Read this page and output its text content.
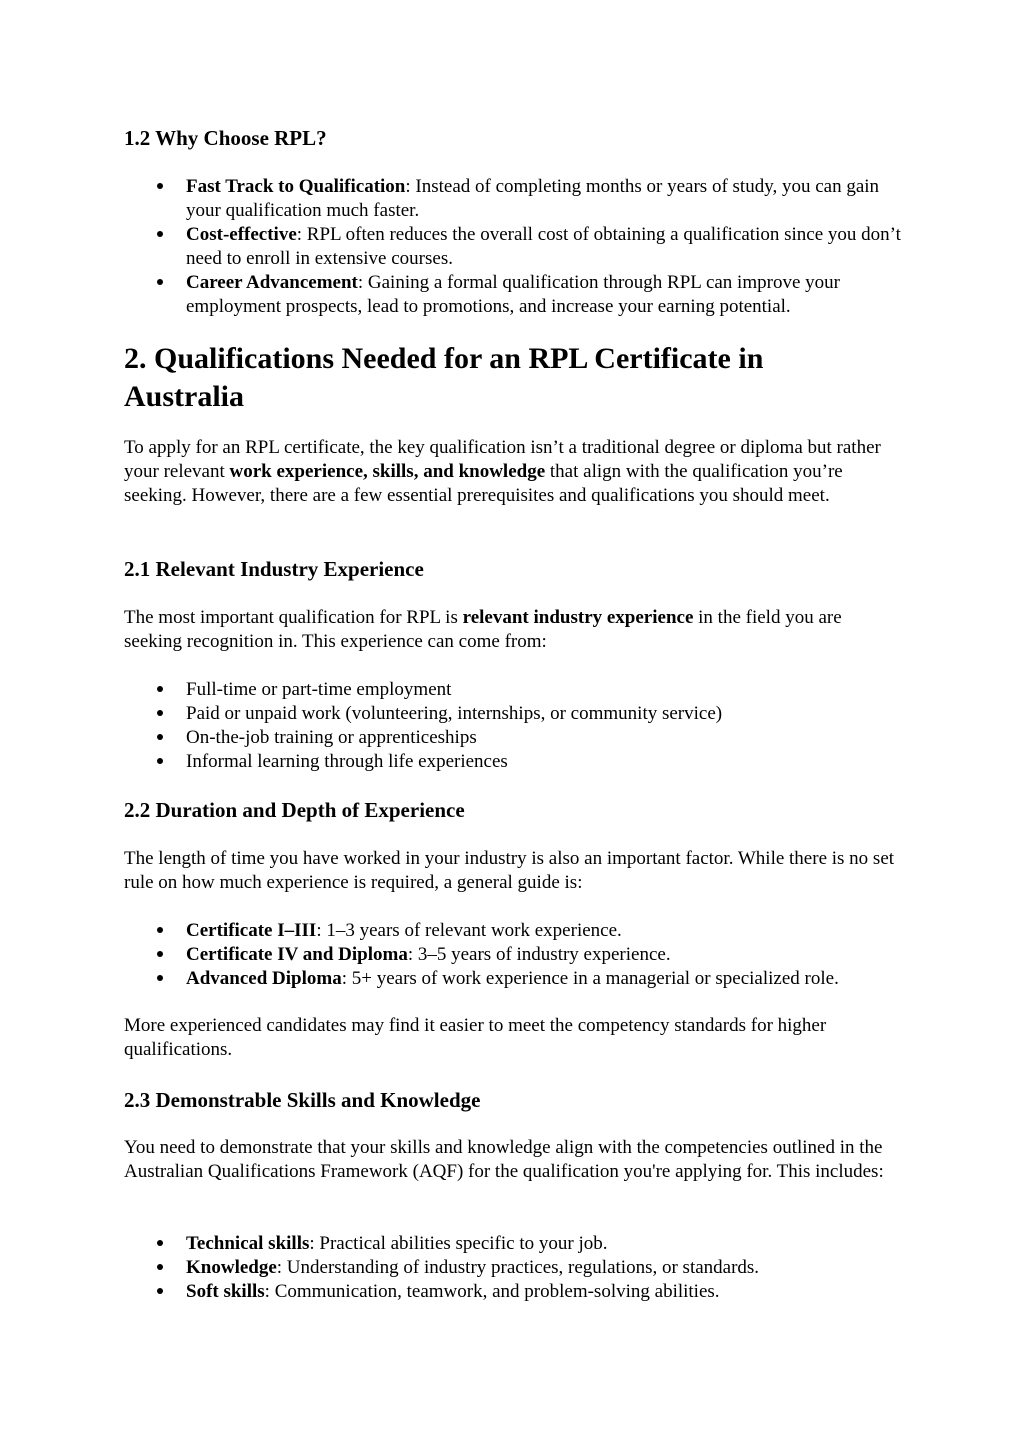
1.2 Why Choose RPL?
Fast Track to Qualification: Instead of completing months or years of study, you can gain your qualification much faster.
Cost-effective: RPL often reduces the overall cost of obtaining a qualification since you don’t need to enroll in extensive courses.
Career Advancement: Gaining a formal qualification through RPL can improve your employment prospects, lead to promotions, and increase your earning potential.
2. Qualifications Needed for an RPL Certificate in Australia

To apply for an RPL certificate, the key qualification isn’t a traditional degree or diploma but rather your relevant work experience, skills, and knowledge that align with the qualification you’re seeking. However, there are a few essential prerequisites and qualifications you should meet.

2.1 Relevant Industry Experience

The most important qualification for RPL is relevant industry experience in the field you are seeking recognition in. This experience can come from:

Full-time or part-time employment
Paid or unpaid work (volunteering, internships, or community service)
On-the-job training or apprenticeships
Informal learning through life experiences
2.2 Duration and Depth of Experience

The length of time you have worked in your industry is also an important factor. While there is no set rule on how much experience is required, a general guide is:

Certificate I–III: 1–3 years of relevant work experience.
Certificate IV and Diploma: 3–5 years of industry experience.
Advanced Diploma: 5+ years of work experience in a managerial or specialized role.

More experienced candidates may find it easier to meet the competency standards for higher qualifications.

2.3 Demonstrable Skills and Knowledge

You need to demonstrate that your skills and knowledge align with the competencies outlined in the Australian Qualifications Framework (AQF) for the qualification you're applying for. This includes:

Technical skills: Practical abilities specific to your job.
Knowledge: Understanding of industry practices, regulations, or standards.
Soft skills: Communication, teamwork, and problem-solving abilities.
